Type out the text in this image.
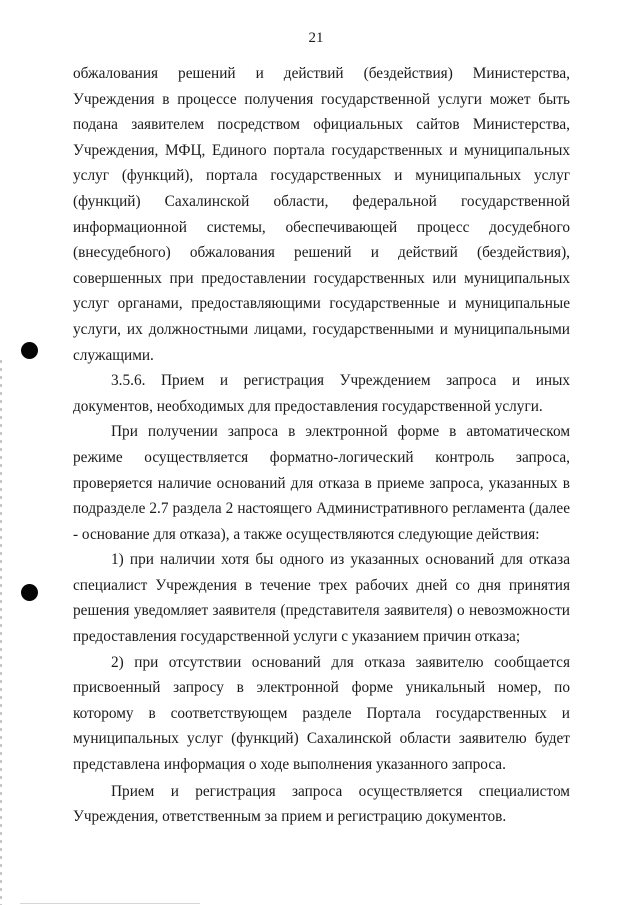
21

обжалования решений и действий (бездействия) Министерства, Учреждения в процессе получения государственной услуги может быть подана заявителем посредством официальных сайтов Министерства, Учреждения, МФЦ, Единого портала государственных и муниципальных услуг (функций), портала государственных и муниципальных услуг (функций) Сахалинской области, федеральной государственной информационной системы, обеспечивающей процесс досудебного (внесудебного) обжалования решений и действий (бездействия), совершенных при предоставлении государственных или муниципальных услуг органами, предоставляющими государственные и муниципальные услуги, их должностными лицами, государственными и муниципальными служащими.

3.5.6. Прием и регистрация Учреждением запроса и иных документов, необходимых для предоставления государственной услуги.

При получении запроса в электронной форме в автоматическом режиме осуществляется форматно-логический контроль запроса, проверяется наличие оснований для отказа в приеме запроса, указанных в подразделе 2.7 раздела 2 настоящего Административного регламента (далее - основание для отказа), а также осуществляются следующие действия:

1) при наличии хотя бы одного из указанных оснований для отказа специалист Учреждения в течение трех рабочих дней со дня принятия решения уведомляет заявителя (представителя заявителя) о невозможности предоставления государственной услуги с указанием причин отказа;

2) при отсутствии оснований для отказа заявителю сообщается присвоенный запросу в электронной форме уникальный номер, по которому в соответствующем разделе Портала государственных и муниципальных услуг (функций) Сахалинской области заявителю будет представлена информация о ходе выполнения указанного запроса.

Прием и регистрация запроса осуществляется специалистом Учреждения, ответственным за прием и регистрацию документов.
